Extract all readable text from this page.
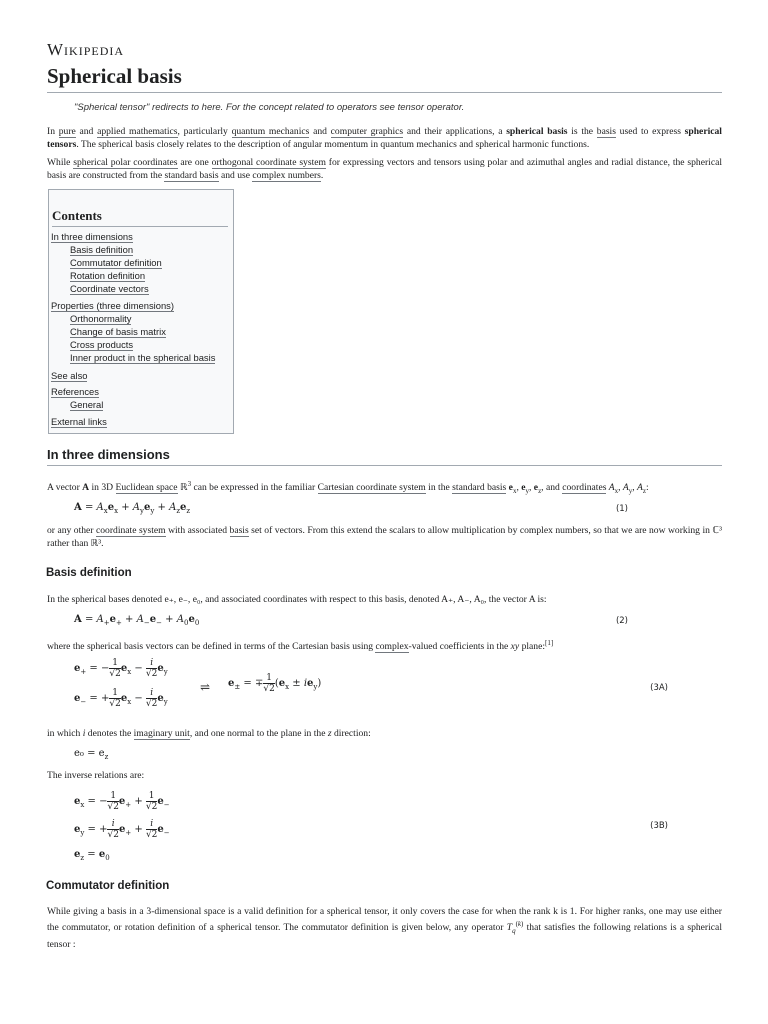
Wikipedia
Spherical basis
"Spherical tensor" redirects to here. For the concept related to operators see tensor operator.

In pure and applied mathematics, particularly quantum mechanics and computer graphics and their applications, a spherical basis is the basis used to express spherical tensors. The spherical basis closely relates to the description of angular momentum in quantum mechanics and spherical harmonic functions.

While spherical polar coordinates are one orthogonal coordinate system for expressing vectors and tensors using polar and azimuthal angles and radial distance, the spherical basis are constructed from the standard basis and use complex numbers.

Contents
In three dimensions
Basis definition
Commutator definition
Rotation definition
Coordinate vectors
Properties (three dimensions)
Orthonormality
Change of basis matrix
Cross products
Inner product in the spherical basis
See also
References
General
External links
In three dimensions

A vector A in 3D Euclidean space ℝ$^3$ can be expressed in the familiar Cartesian coordinate system in the standard basis $e_x$, $e_y$, $e_z$, and coordinates $A_x$, $A_y$, $A_z$:

$A = A_xe_x + A_ye_y + A_ze_z$	(1)

or any other coordinate system with associated basis set of vectors. From this extend the scalars to allow multiplication by complex numbers, so that we are now working in ℂ³ rather than ℝ³.

Basis definition

In the spherical bases denoted e₊, e₋, e₀, and associated coordinates with respect to this basis, denoted A₊, A₋, A₀, the vector A is:

$A = A_+e_+ + A_-e_- + A_0e_0$	(2)

where the spherical basis vectors can be defined in terms of the Cartesian basis using complex-valued coefficients in the xy plane:[1]

$e_+$ = − $\frac{1}{√2} e_x - \frac{i}{√2} e_y$
$e_-$ = + $\frac{1}{√2} e_x - \frac{i}{√2} e_y$
⇌ $e_\pm$ = ∓ $\frac{1}{√2} (e_x \pm ie_y)$	(3A)

in which i denotes the imaginary unit, and one normal to the plane in the z direction:

$e_0 = e_z$

The inverse relations are:

$e_x$ = − $\frac{1}{√2} e_+ + \frac{1}{√2} e_-$
$e_y$ = + $\frac{i}{√2} e_+ + \frac{i}{√2} e_-$
$e_z = e_0$
(3B)
Commutator definition

While giving a basis in a 3-dimensional space is a valid definition for a spherical tensor, it only covers the case for when the rank k is 1. For higher ranks, one may use either the commutator, or rotation definition of a spherical tensor. The commutator definition is given below, any operator $T_q^{(k)}$ that satisfies the following relations is a spherical tensor :
